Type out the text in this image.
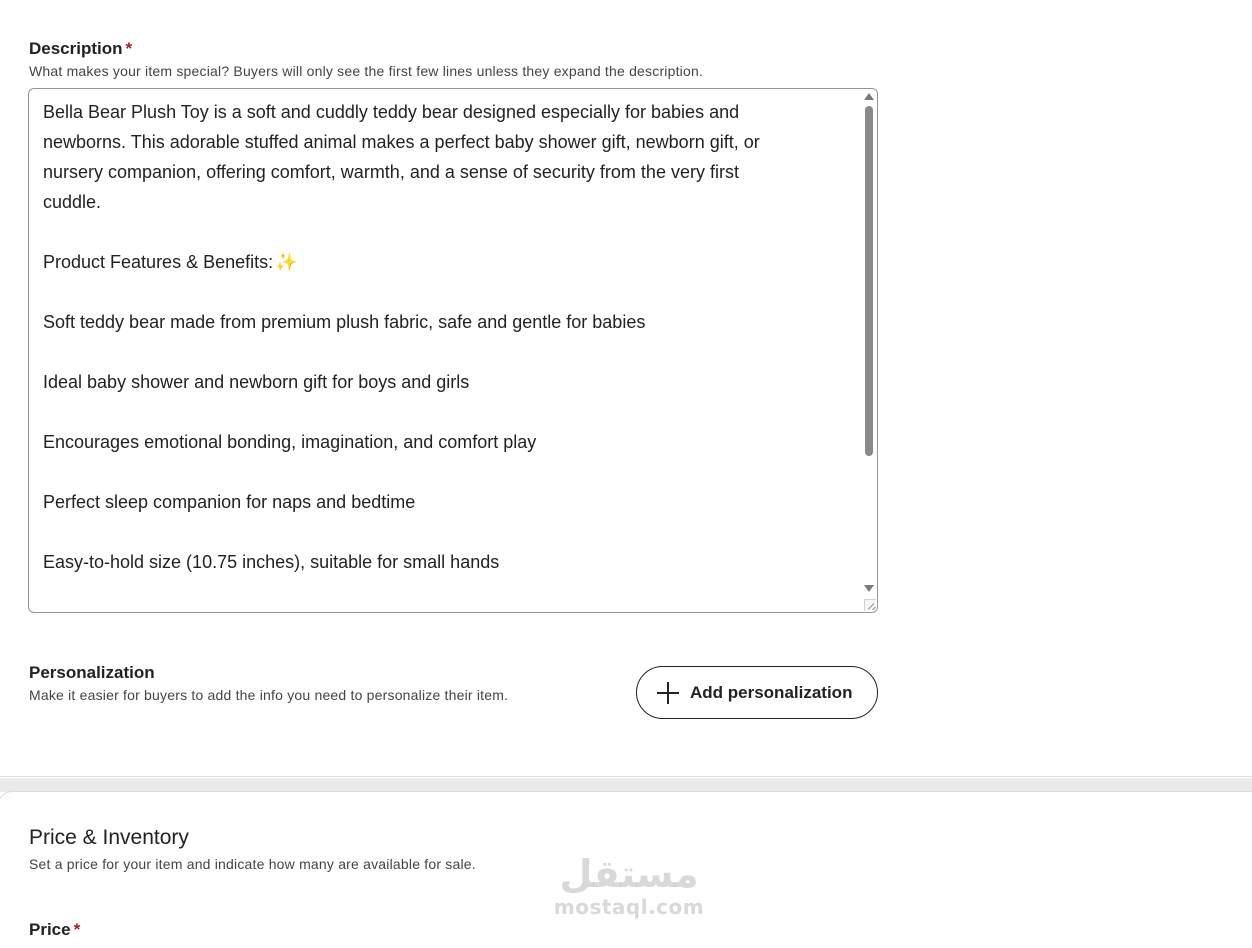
Description *
What makes your item special? Buyers will only see the first few lines unless they expand the description.

Bella Bear Plush Toy is a soft and cuddly teddy bear designed especially for babies and

newborns. This adorable stuffed animal makes a perfect baby shower gift, newborn gift, or

nursery companion, offering comfort, warmth, and a sense of security from the very first

cuddle.

Product Features & Benefits: ✨

Soft teddy bear made from premium plush fabric, safe and gentle for babies

Ideal baby shower and newborn gift for boys and girls

Encourages emotional bonding, imagination, and comfort play

Perfect sleep companion for naps and bedtime

Easy-to-hold size (10.75 inches), suitable for small hands

Personalization
Make it easier for buyers to add the info you need to personalize their item.	Add personalization
Price & Inventory
Set a price for your item and indicate how many are available for sale. مستقل
mostaql.com
Price *
